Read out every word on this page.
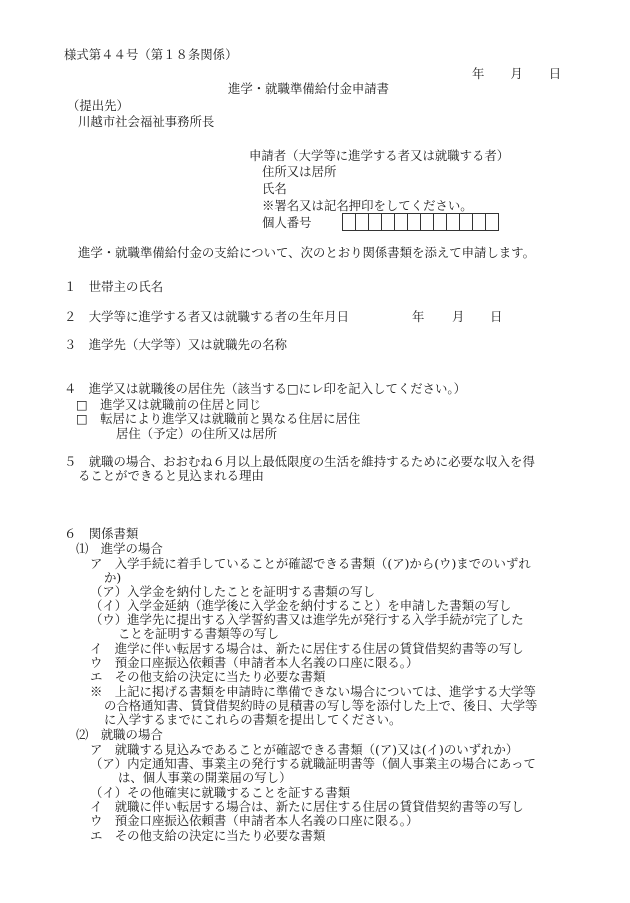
様式第４４号（第１８条関係）
年 月 日
進学・就職準備給付金申請書
（提出先）
川越市社会福祉事務所長
申請者（大学等に進学する者又は就職する者）
住所又は居所
氏名
※署名又は記名押印をしてください。
個人番号
進学・就職準備給付金の支給について、次のとおり関係書類を添えて申請します。
１　世帯主の氏名
２　大学等に進学する者又は就職する者の生年月日	年 月 日
３　進学先（大学等）又は就職先の名称
４　進学又は就職後の居住先（該当する□にレ印を記入してください。）
□　進学又は就職前の住居と同じ
□　転居により進学又は就職前と異なる住居に居住
居住（予定）の住所又は居所
５　就職の場合、おおむね６月以上最低限度の生活を維持するために必要な収入を得
ることができると見込まれる理由
６　関係書類
⑴　進学の場合
ア　入学手続に着手していることが確認できる書類（(ア)から(ウ)までのいずれ
か)
（ア）入学金を納付したことを証明する書類の写し
（イ）入学金延納（進学後に入学金を納付すること）を申請した書類の写し
（ウ）進学先に提出する入学誓約書又は進学先が発行する入学手続が完了した
ことを証明する書類等の写し
イ　進学に伴い転居する場合は、新たに居住する住居の賃貸借契約書等の写し
ウ　預金口座振込依頼書（申請者本人名義の口座に限る。）
エ　その他支給の決定に当たり必要な書類
※　上記に掲げる書類を申請時に準備できない場合については、進学する大学等
の合格通知書、賃貸借契約時の見積書の写し等を添付した上で、後日、大学等
に入学するまでにこれらの書類を提出してください。
⑵　就職の場合
ア　就職する見込みであることが確認できる書類（(ア)又は(イ)のいずれか）
（ア）内定通知書、事業主の発行する就職証明書等（個人事業主の場合にあって
は、個人事業の開業届の写し）
（イ）その他確実に就職することを証する書類
イ　就職に伴い転居する場合は、新たに居住する住居の賃貸借契約書等の写し
ウ　預金口座振込依頼書（申請者本人名義の口座に限る。）
エ　その他支給の決定に当たり必要な書類
